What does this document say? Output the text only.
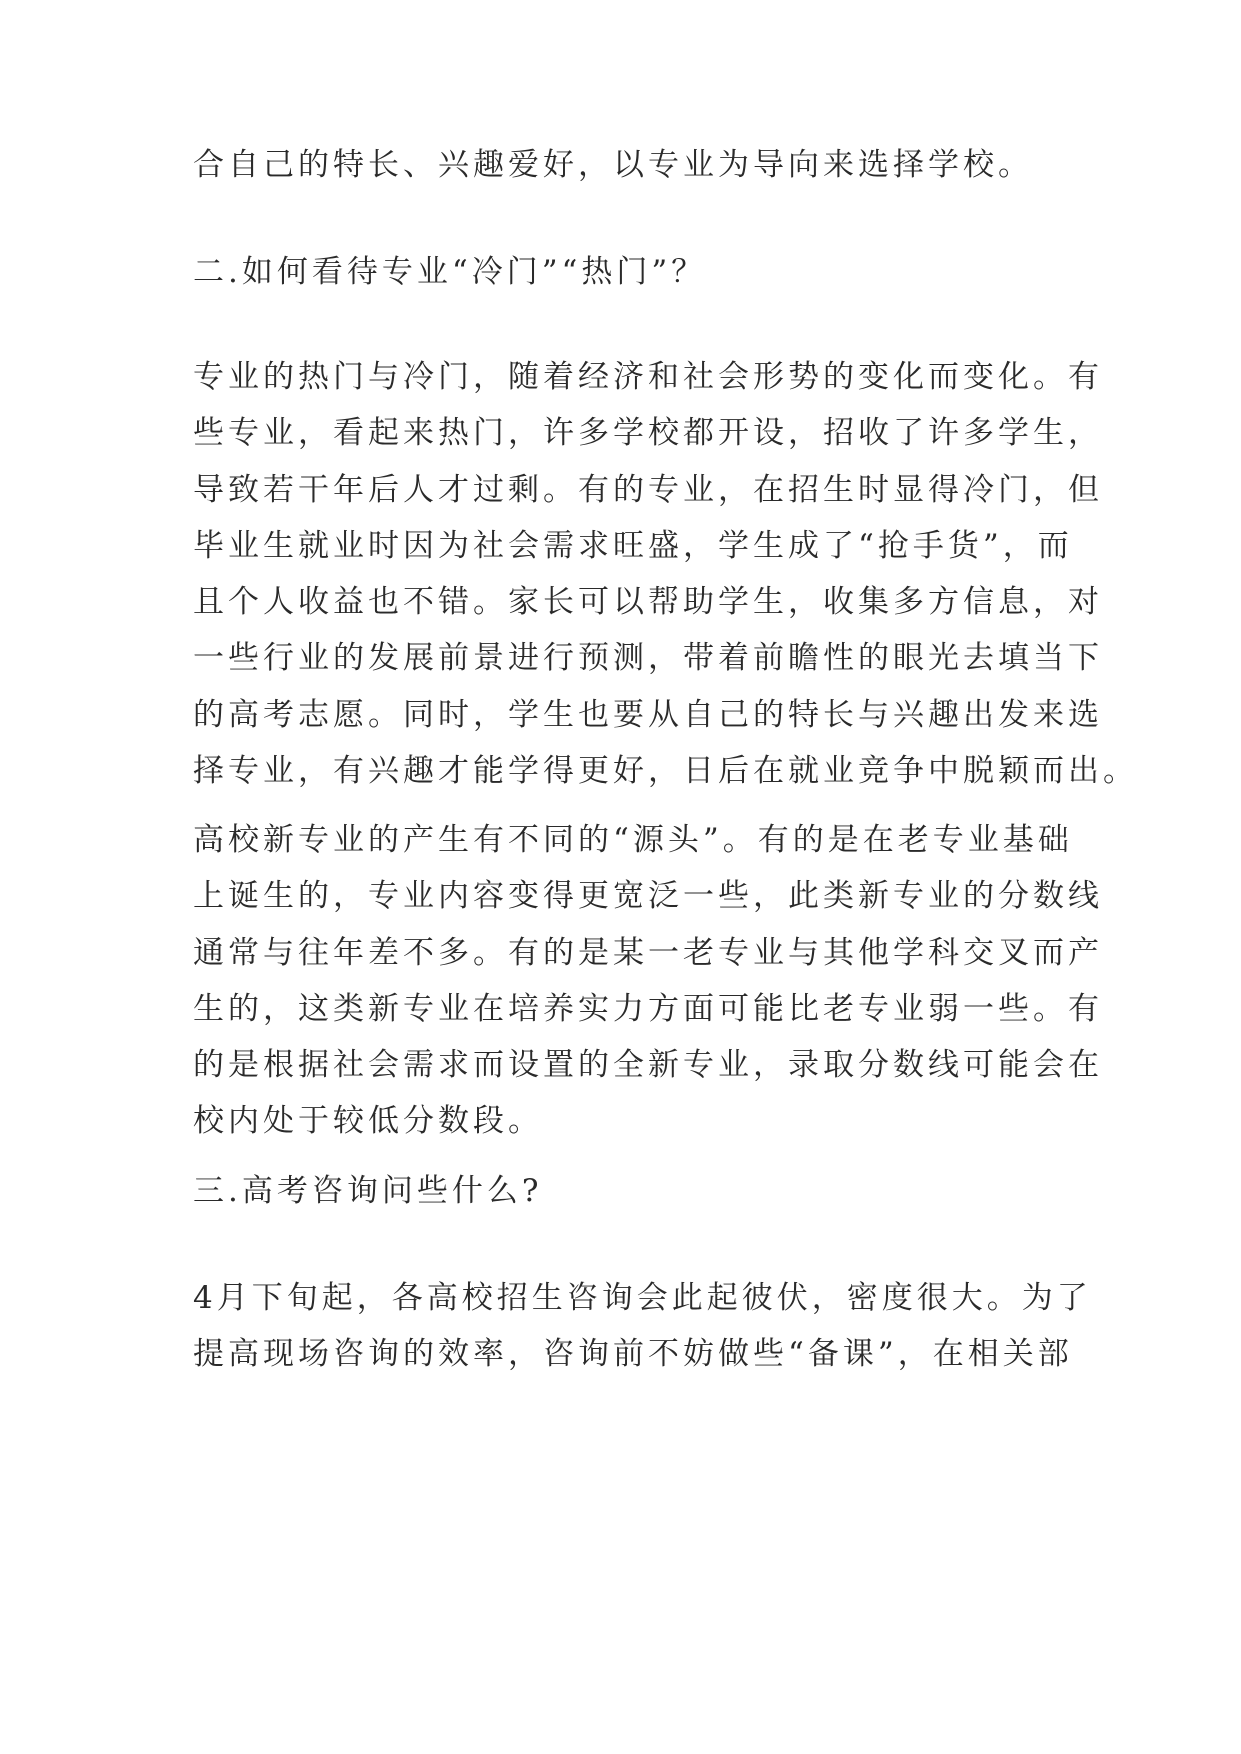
合自己的特长、兴趣爱好，以专业为导向来选择学校。
二.如何看待专业“冷门”“热门”？
专业的热门与冷门，随着经济和社会形势的变化而变化。有
些专业，看起来热门，许多学校都开设，招收了许多学生，
导致若干年后人才过剩。有的专业，在招生时显得冷门，但
毕业生就业时因为社会需求旺盛，学生成了“抢手货”，而
且个人收益也不错。家长可以帮助学生，收集多方信息，对
一些行业的发展前景进行预测，带着前瞻性的眼光去填当下
的高考志愿。同时，学生也要从自己的特长与兴趣出发来选
择专业，有兴趣才能学得更好，日后在就业竞争中脱颖而出。
高校新专业的产生有不同的“源头”。有的是在老专业基础
上诞生的，专业内容变得更宽泛一些，此类新专业的分数线
通常与往年差不多。有的是某一老专业与其他学科交叉而产
生的，这类新专业在培养实力方面可能比老专业弱一些。有
的是根据社会需求而设置的全新专业，录取分数线可能会在
校内处于较低分数段。
三.高考咨询问些什么?
4月下旬起，各高校招生咨询会此起彼伏，密度很大。为了
提高现场咨询的效率，咨询前不妨做些“备课”，在相关部
